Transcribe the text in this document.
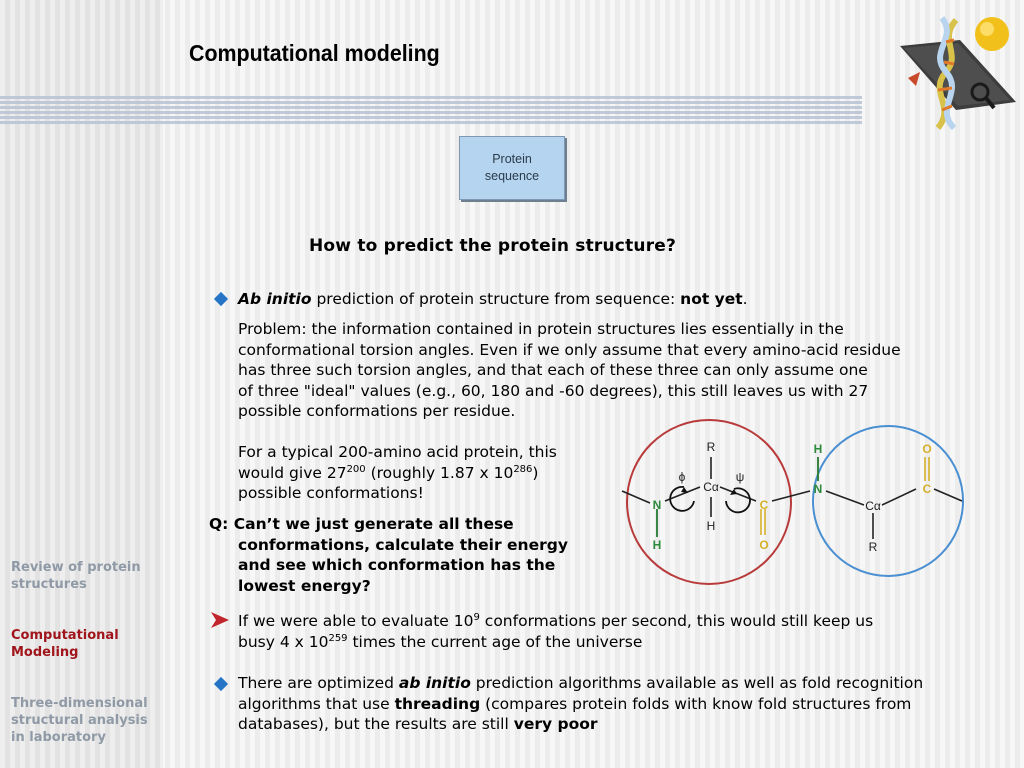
Computational modeling
Protein
sequence
How to predict the protein structure?
Ab initio prediction of protein structure from sequence: not yet.
Problem: the information contained in protein structures lies essentially in the
conformational torsion angles. Even if we only assume that every amino-acid residue
has three such torsion angles, and that each of these three can only assume one
of three "ideal" values (e.g., 60, 180 and -60 degrees), this still leaves us with 27
possible conformations per residue.
For a typical 200-amino acid protein, this
would give $27^{200}$ (roughly 1.87 x $10^{286}$)
possible conformations!
Q: Can’t we just generate all these
conformations, calculate their energy
and see which conformation has the
lowest energy?
If we were able to evaluate $10^9$ conformations per second, this would still keep us
busy 4 x $10^{259}$ times the current age of the universe
There are optimized ab initio prediction algorithms available as well as fold recognition
algorithms that use threading (compares protein folds with know fold structures from
databases), but the results are still very poor
Review of protein
structures
Computational
Modeling
Three-dimensional
structural analysis
in laboratory
R
Cα
H
ϕ	ψ
N
H
C
O
H
N
Cα
R
O
C
